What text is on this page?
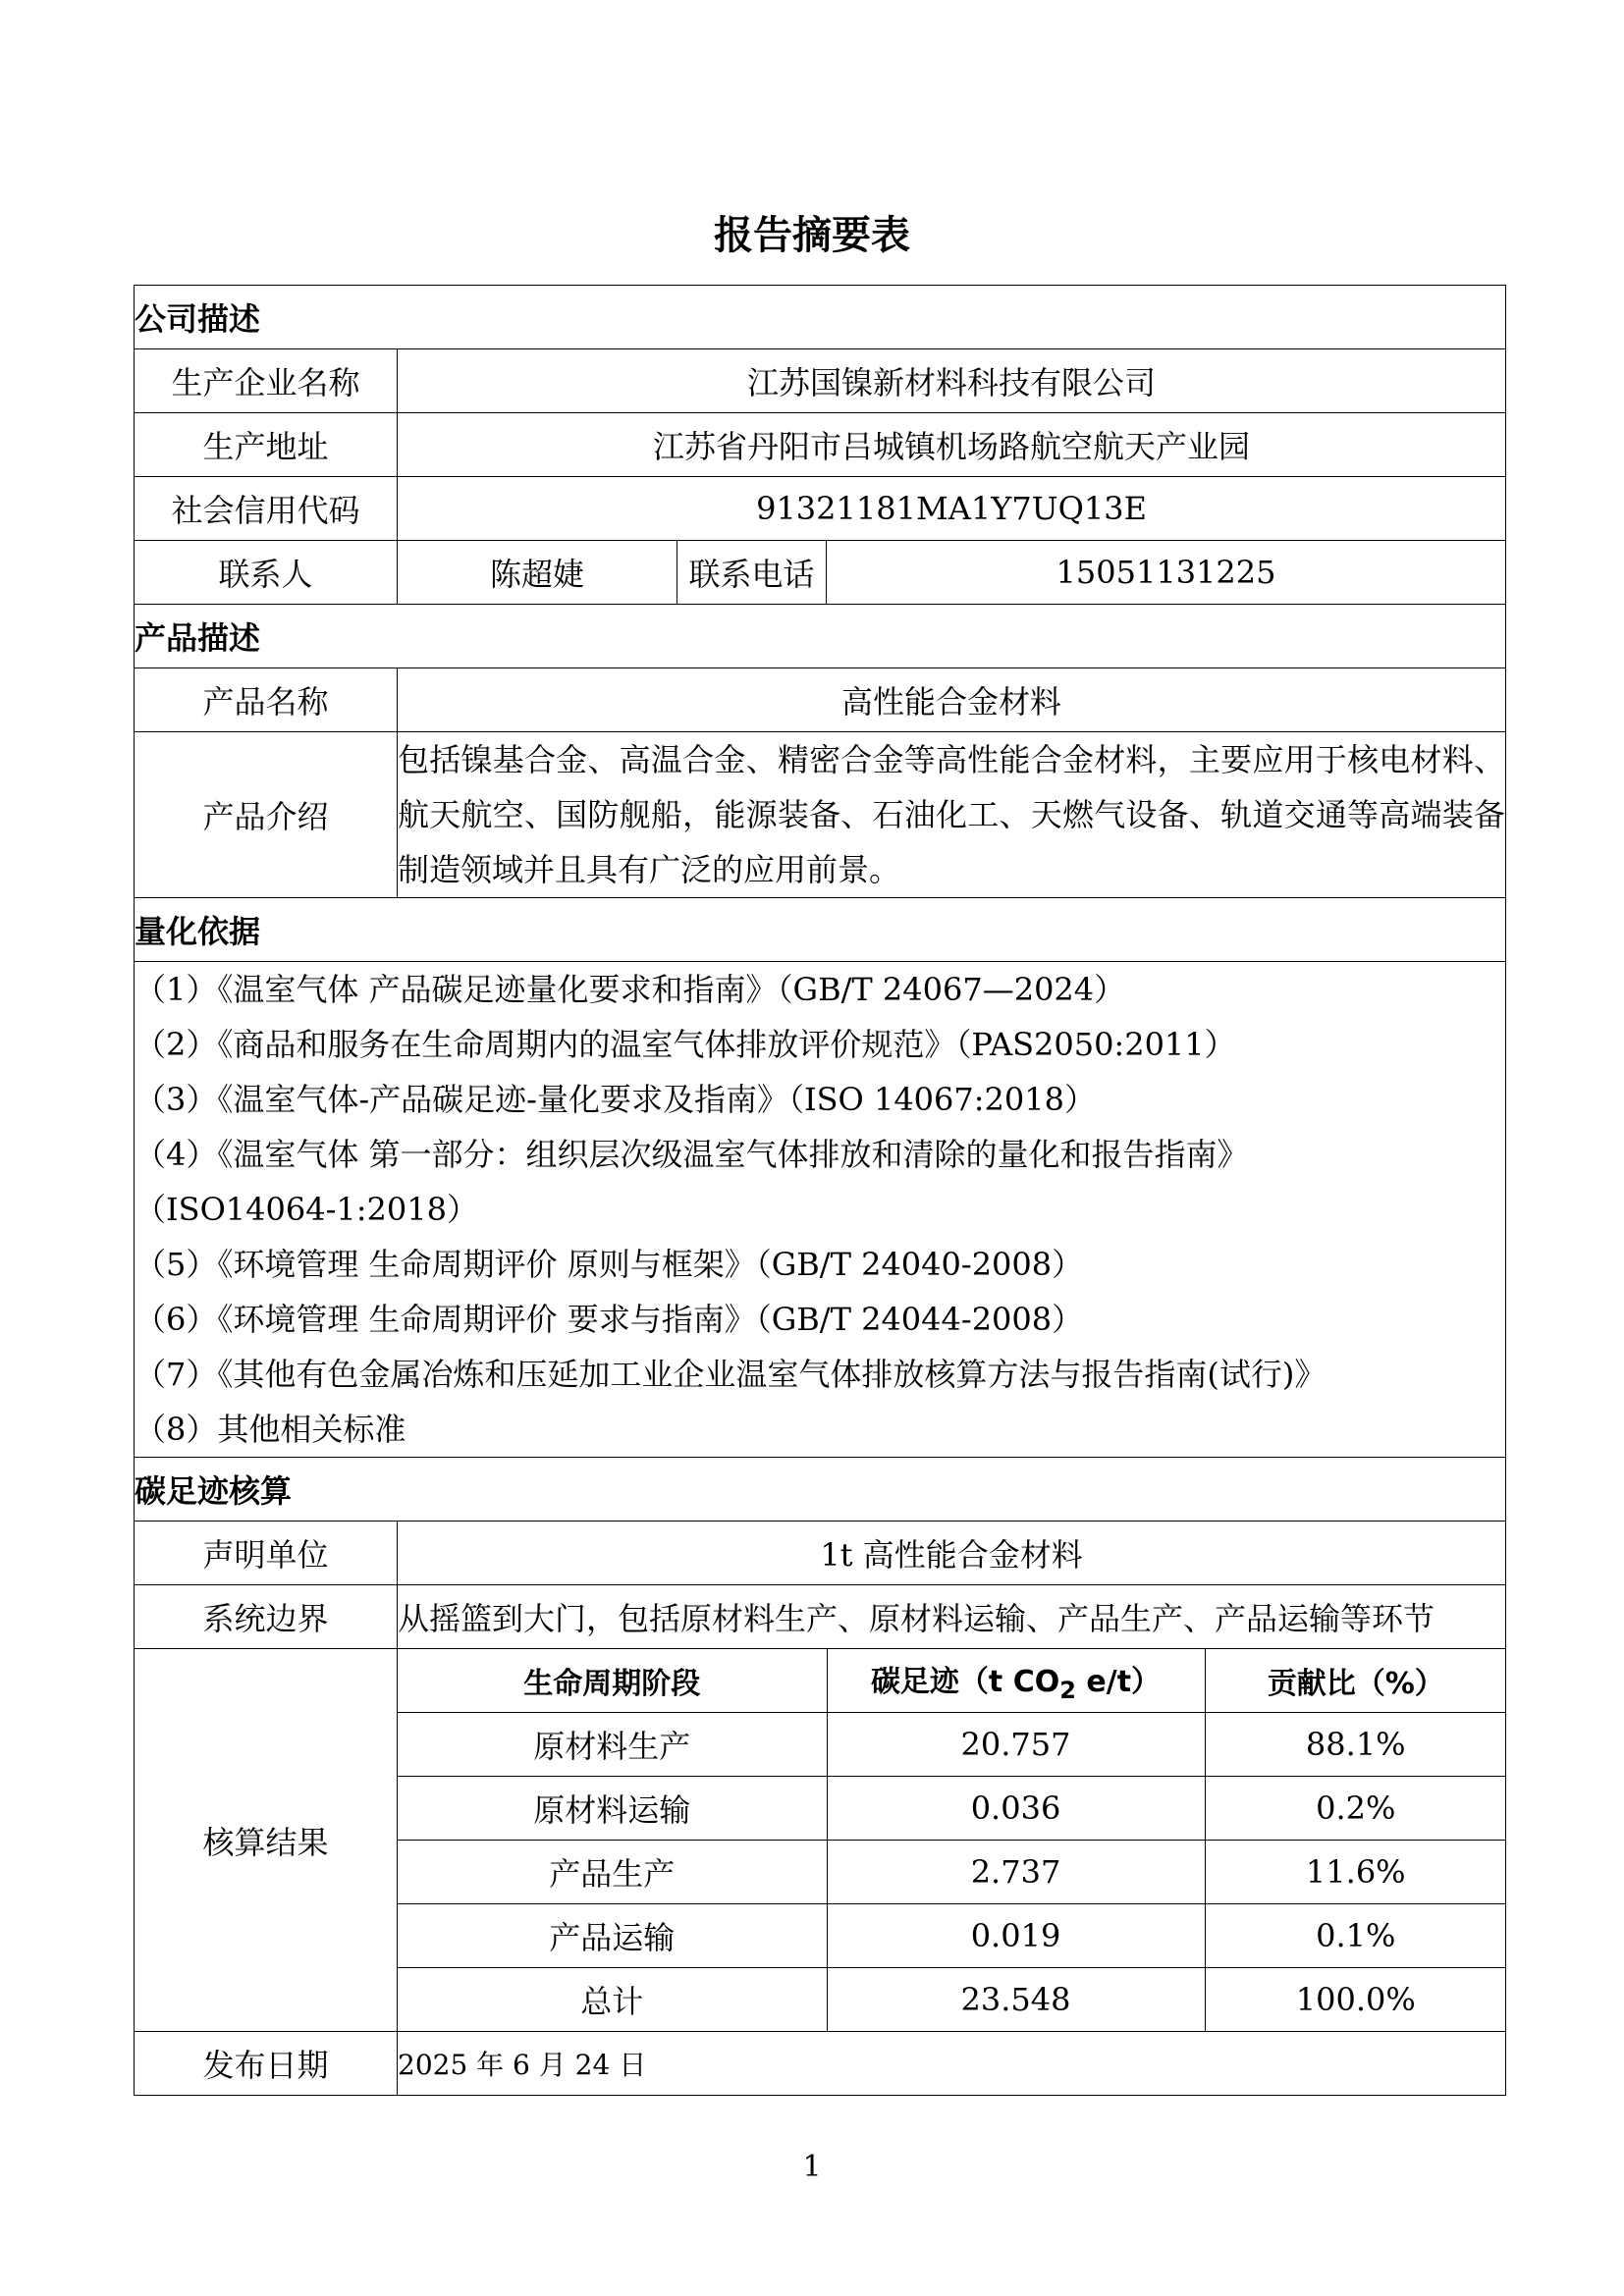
报告摘要表
公司描述
生产企业名称	江苏国镍新材料科技有限公司
生产地址	江苏省丹阳市吕城镇机场路航空航天产业园
社会信用代码	91321181MA1Y7UQ13E
联系人	陈超婕	联系电话	15051131225
产品描述
产品名称	高性能合金材料
产品介绍	包括镍基合金、高温合金、精密合金等高性能合金材料，主要应用于核电材料、航天航空、国防舰船，能源装备、石油化工、天燃气设备、轨道交通等高端装备制造领域并且具有广泛的应用前景。
量化依据

（1）《温室气体 产品碳足迹量化要求和指南》（GB/T 24067—2024）
（2）《商品和服务在生命周期内的温室气体排放评价规范》（PAS2050:2011）
（3）《温室气体-产品碳足迹-量化要求及指南》（ISO 14067:2018）
（4）《温室气体 第一部分：组织层次级温室气体排放和清除的量化和报告指南》
（ISO14064-1:2018）
（5）《环境管理 生命周期评价 原则与框架》（GB/T 24040-2008）
（6）《环境管理 生命周期评价 要求与指南》（GB/T 24044-2008）
（7）《其他有色金属冶炼和压延加工业企业温室气体排放核算方法与报告指南(试行)》
（8）其他相关标准

碳足迹核算
声明单位	1t 高性能合金材料
系统边界	从摇篮到大门，包括原材料生产、原材料运输、产品生产、产品运输等环节
核算结果	
生命周期阶段	碳足迹（t $CO_2$ e/t）	贡献比（%）
原材料生产	20.757	88.1%
原材料运输	0.036	0.2%
产品生产	2.737	11.6%
产品运输	0.019	0.1%
总计	23.548	100.0%

发布日期	2025 年 6 月 24 日
1
